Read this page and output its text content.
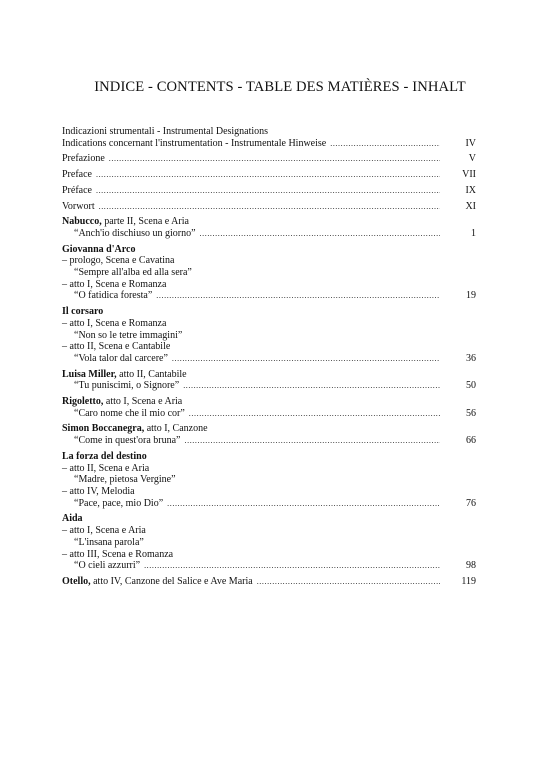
INDICE - CONTENTS - TABLE DES MATIÈRES - INHALT
Indicazioni strumentali - Instrumental Designations
Indications concernant l'instrumentation - Instrumentale Hinweise .....	IV
Prefazione .....	V
Preface .....	VII
Préface .....	IX
Vorwort .....	XI
Nabucco, parte II, Scena e Aria
“Anch'io dischiuso un giorno” .....	1
Giovanna d'Arco
– prologo, Scena e Cavatina
“Sempre all'alba ed alla sera”
– atto I, Scena e Romanza
“O fatidica foresta” .....	19
Il corsaro
– atto I, Scena e Romanza
“Non so le tetre immagini”
– atto II, Scena e Cantabile
“Vola talor dal carcere” .....	36
Luisa Miller, atto II, Cantabile
“Tu puniscimi, o Signore” .....	50
Rigoletto, atto I, Scena e Aria
“Caro nome che il mio cor” .....	56
Simon Boccanegra, atto I, Canzone
“Come in quest'ora bruna” .....	66
La forza del destino
– atto II, Scena e Aria
“Madre, pietosa Vergine”
– atto IV, Melodia
“Pace, pace, mio Dio” .....	76
Aida
– atto I, Scena e Aria
“L'insana parola”
– atto III, Scena e Romanza
“O cieli azzurri” .....	98
Otello, atto IV, Canzone del Salice e Ave Maria .....	119
